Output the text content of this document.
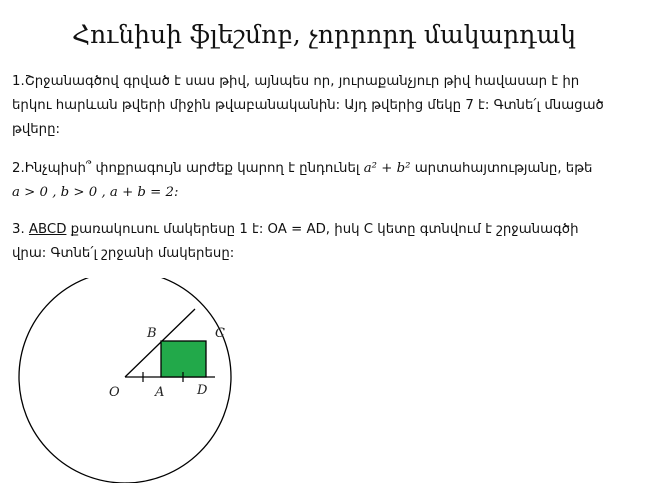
Հունիսի ֆլեշմոբ, չորրորդ մակարդակ
1.Շրջանագծով գրված է սաս թիվ, այնպես որ, յուրաքանչյուր թիվ հավասար է իր
երկու հարևան թվերի միջին թվաբանականին: Այդ թվերից մեկը 7 է: Գտնե՛լ մնացած
թվերը:
2.Ինչպիսի՞ փոքրագույն արժեք կարող է ընդունել a² + b² արտահայտությանը, եթե
a > 0 , b > 0 , a + b = 2:
3. ABCD քառակուսու մակերեսը 1 է: OA = AD, իսկ C կետը գտնվում է շրջանագծի
վրա: Գտնե՛լ շրջանի մակերեսը:
O	A
B	C
D
